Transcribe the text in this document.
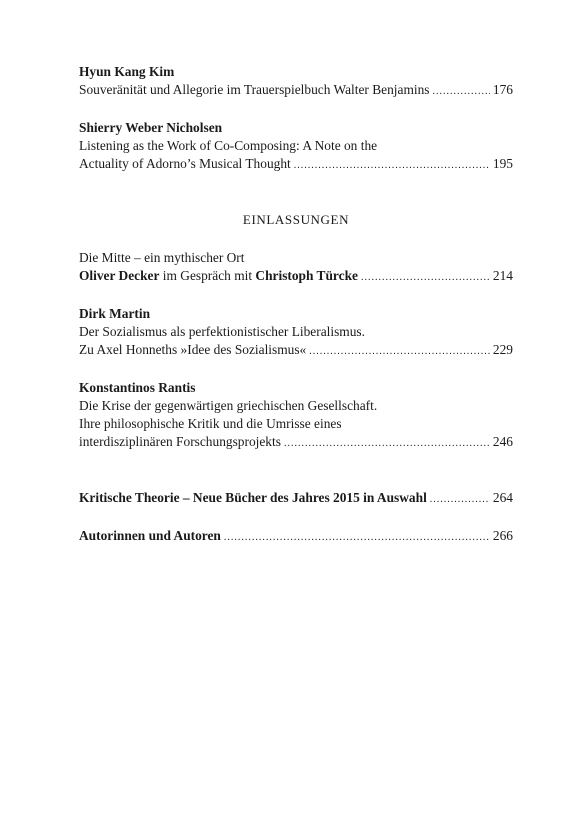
Hyun Kang Kim
Souveränität und Allegorie im Trauerspielbuch Walter Benjamins .....	176
Shierry Weber Nicholsen
Listening as the Work of Co-Composing: A Note on the
Actuality of Adorno’s Musical Thought .....	195
EINLASSUNGEN
Die Mitte – ein mythischer Ort
Oliver Decker im Gespräch mit Christoph Türcke .....	214
Dirk Martin
Der Sozialismus als perfektionistischer Liberalismus.
Zu Axel Honneths »Idee des Sozialismus« .....	229
Konstantinos Rantis
Die Krise der gegenwärtigen griechischen Gesellschaft.
Ihre philosophische Kritik und die Umrisse eines
interdisziplinären Forschungsprojekts .....	246
Kritische Theorie – Neue Bücher des Jahres 2015 in Auswahl .....	264
Autorinnen und Autoren .....	266
